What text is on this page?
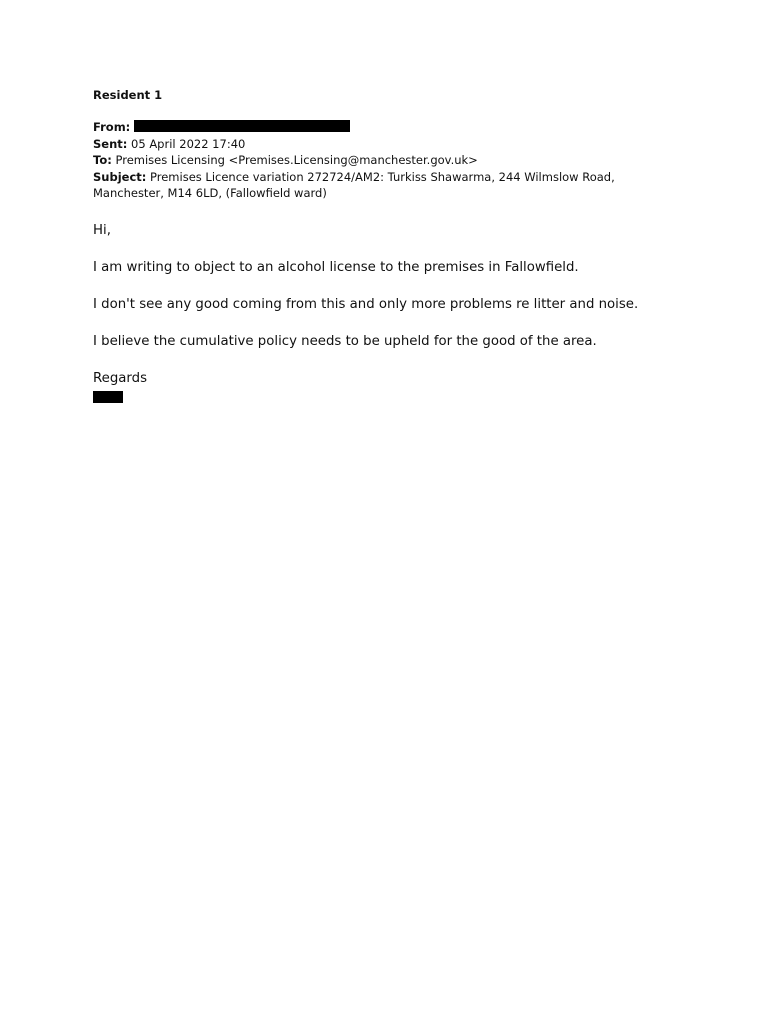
Resident 1
From:
Sent: 05 April 2022 17:40
To: Premises Licensing <Premises.Licensing@manchester.gov.uk>
Subject: Premises Licence variation 272724/AM2: Turkiss Shawarma, 244 Wilmslow Road,
Manchester, M14 6LD, (Fallowfield ward)

Hi,

I am writing to object to an alcohol license to the premises in Fallowfield.

I don't see any good coming from this and only more problems re litter and noise.

I believe the cumulative policy needs to be upheld for the good of the area.

Regards
